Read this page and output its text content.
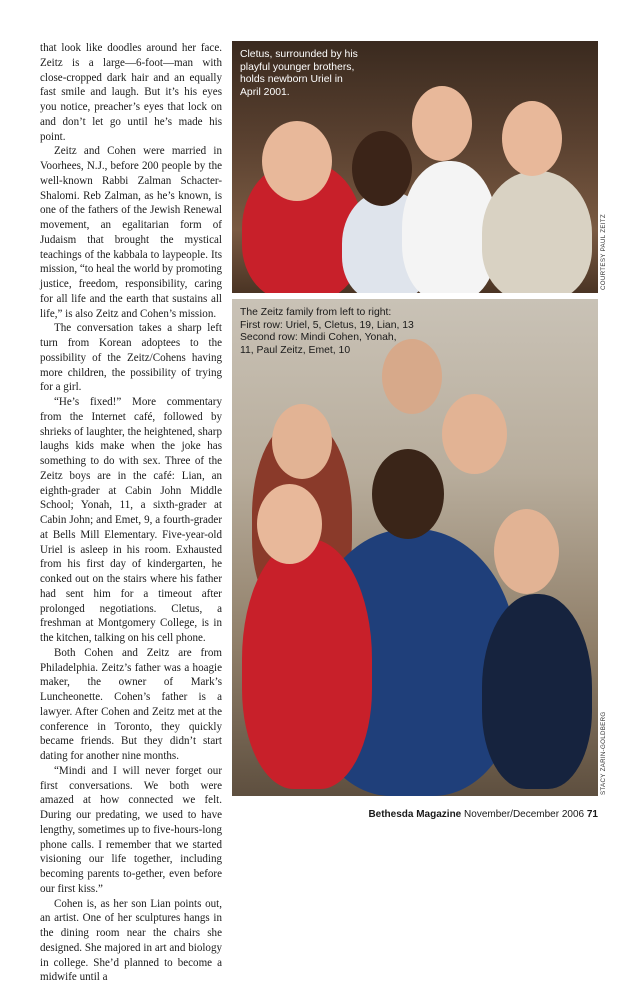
that look like doodles around her face. Zeitz is a large—6-foot—man with close-cropped dark hair and an equally fast smile and laugh. But it’s his eyes you notice, preacher’s eyes that lock on and don’t let go until he’s made his point.

Zeitz and Cohen were married in Voorhees, N.J., before 200 people by the well-known Rabbi Zalman Schacter-Shalomi. Reb Zalman, as he’s known, is one of the fathers of the Jewish Renewal movement, an egalitarian form of Judaism that brought the mystical teachings of the kabbala to laypeople. Its mission, “to heal the world by promoting justice, freedom, responsibility, caring for all life and the earth that sustains all life,” is also Zeitz and Cohen’s mission.

The conversation takes a sharp left turn from Korean adoptees to the possibility of the Zeitz/Cohens having more children, the possibility of trying for a girl.

“He’s fixed!” More commentary from the Internet café, followed by shrieks of laughter, the heightened, sharp laughs kids make when the joke has something to do with sex. Three of the Zeitz boys are in the café: Lian, an eighth-grader at Cabin John Middle School; Yonah, 11, a sixth-grader at Cabin John; and Emet, 9, a fourth-grader at Bells Mill Elementary. Five-year-old Uriel is asleep in his room. Exhausted from his first day of kindergarten, he conked out on the stairs where his father had sent him for a timeout after prolonged negotiations. Cletus, a freshman at Montgomery College, is in the kitchen, talking on his cell phone.

Both Cohen and Zeitz are from Philadelphia. Zeitz’s father was a hoagie maker, the owner of Mark’s Luncheonette. Cohen’s father is a lawyer. After Cohen and Zeitz met at the conference in Toronto, they quickly became friends. But they didn’t start dating for another nine months.

“Mindi and I will never forget our first conversations. We both were amazed at how connected we felt. During our predating, we used to have lengthy, sometimes up to five-hours-long phone calls. I remember that we started visioning our life together, including becoming parents to-gether, even before our first kiss.”

Cohen is, as her son Lian points out, an artist. One of her sculptures hangs in the dining room near the chairs she designed. She majored in art and biology in college. She’d planned to become a midwife until a

Cletus, surrounded by his
playful younger brothers,
holds newborn Uriel in
April 2001.
COURTESY PAUL ZEITZ
The Zeitz family from left to right:
First row: Uriel, 5, Cletus, 19, Lian, 13
Second row: Mindi Cohen, Yonah,
11, Paul Zeitz, Emet, 10
STACY ZARIN-GOLDBERG
Bethesda Magazine November/December 2006 71
